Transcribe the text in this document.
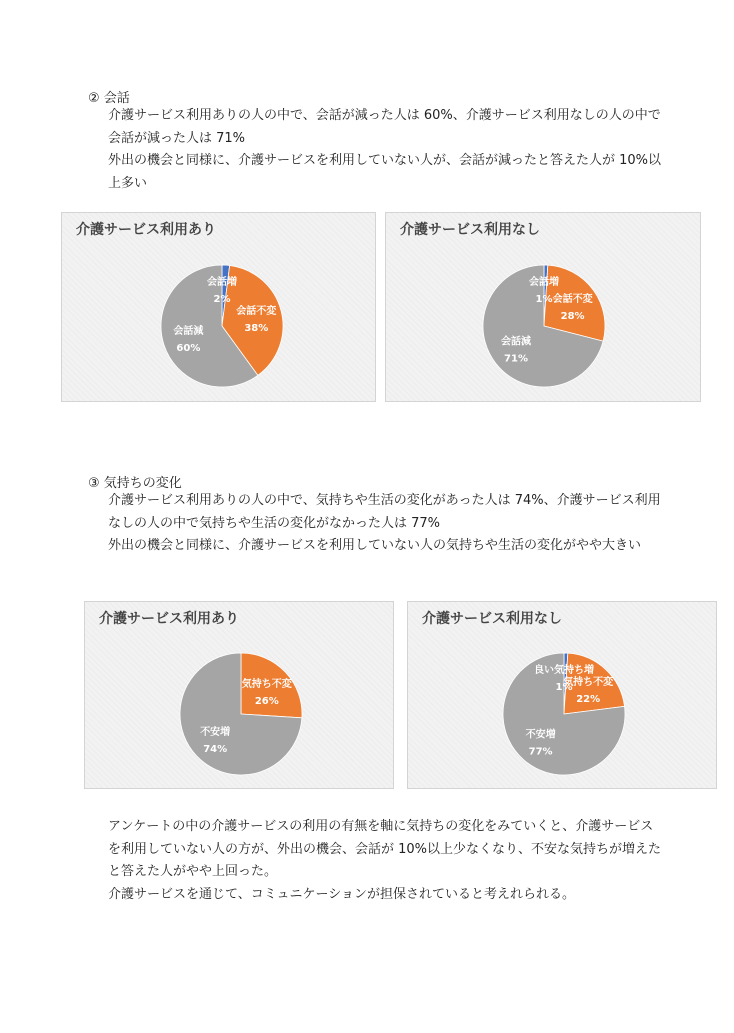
② 会話
介護サービス利用ありの人の中で、会話が減った人は 60%、介護サービス利用なしの人の中で
会話が減った人は 71%
外出の機会と同様に、介護サービスを利用していない人が、会話が減ったと答えた人が 10%以
上多い
介護サービス利用あり
会話増
2%
会話不変
38%
会話減
60%
介護サービス利用なし
会話増
1% 会話不変
28%
会話減
71%
③ 気持ちの変化
介護サービス利用ありの人の中で、気持ちや生活の変化があった人は 74%、介護サービス利用
なしの人の中で気持ちや生活の変化がなかった人は 77%
外出の機会と同様に、介護サービスを利用していない人の気持ちや生活の変化がやや大きい
介護サービス利用あり
気持ち不変
26%
不安増
74%
介護サービス利用なし
良い気持ち増
1%
気持ち不変
22%
不安増
77%
アンケートの中の介護サービスの利用の有無を軸に気持ちの変化をみていくと、介護サービス
を利用していない人の方が、外出の機会、会話が 10%以上少なくなり、不安な気持ちが増えた
と答えた人がやや上回った。
介護サービスを通じて、コミュニケーションが担保されていると考えれられる。
